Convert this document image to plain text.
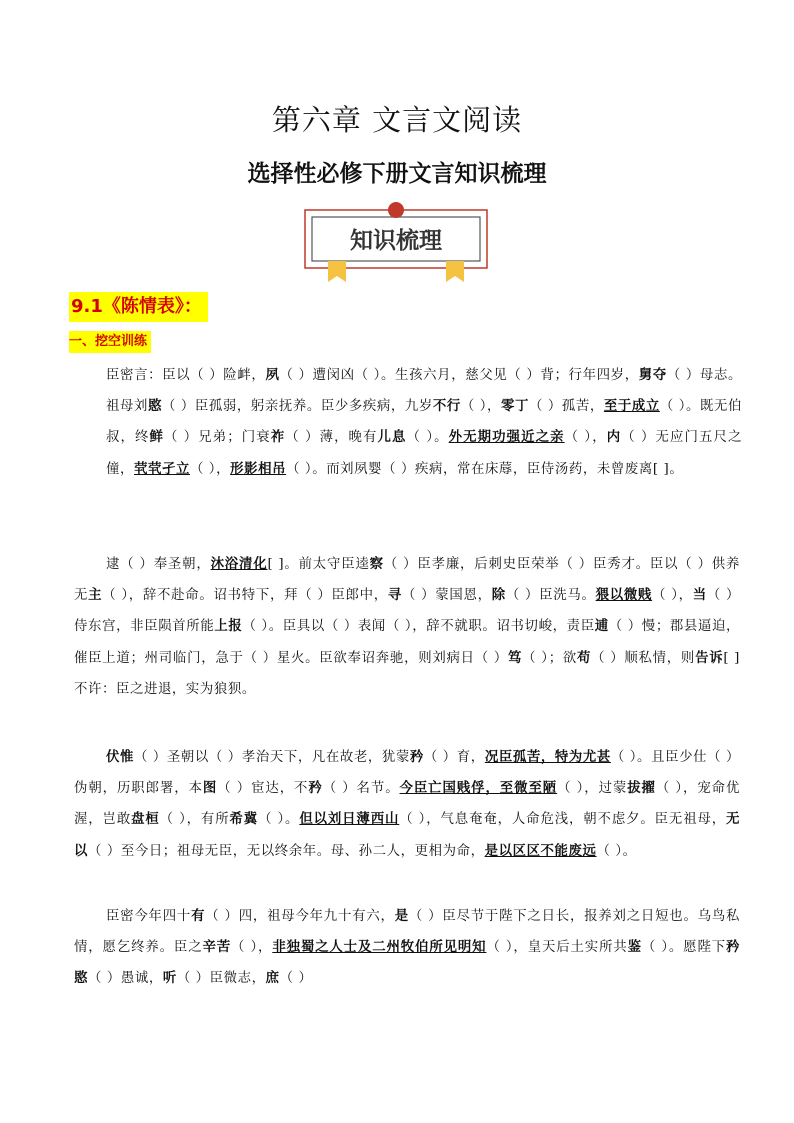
第六章 文言文阅读
选择性必修下册文言知识梳理
知识梳理
9.1《陈情表》：
一、挖空训练
臣密言：臣以（ ）险衅，夙（ ）遭闵凶（ ）。生孩六月，慈父见（ ）背；行年四岁，舅夺（ ）母志。祖母刘愍（ ）臣孤弱，躬亲抚养。臣少多疾病，九岁不行（ ），零丁（ ）孤苦，至于成立（ ）。既无伯叔，终鲜（ ）兄弟；门衰祚（ ）薄，晚有儿息（ ）。外无期功强近之亲（ ），内（ ）无应门五尺之僮，茕茕孑立（ ），形影相吊（ ）。而刘夙婴（ ）疾病，常在床蓐，臣侍汤药，未曾废离[ ]。
逮（ ）奉圣朝，沐浴清化[ ]。前太守臣逵察（ ）臣孝廉，后刺史臣荣举（ ）臣秀才。臣以（ ）供养无主（ ），辞不赴命。诏书特下，拜（ ）臣郎中，寻（ ）蒙国恩，除（ ）臣洗马。猥以微贱（ ），当（ ）侍东宫，非臣陨首所能上报（ ）。臣具以（ ）表闻（ ），辞不就职。诏书切峻，责臣逋（ ）慢；郡县逼迫，催臣上道；州司临门，急于（ ）星火。臣欲奉诏奔驰，则刘病日（ ）笃（ ）；欲苟（ ）顺私情，则告诉[ ]不许：臣之进退，实为狼狈。
伏惟（ ）圣朝以（ ）孝治天下，凡在故老，犹蒙矜（ ）育，况臣孤苦，特为尤甚（ ）。且臣少仕（ ）伪朝，历职郎署，本图（ ）宦达，不矜（ ）名节。今臣亡国贱俘，至微至陋（ ），过蒙拔擢（ ），宠命优渥，岂敢盘桓（ ），有所希冀（ ）。但以刘日薄西山（ ），气息奄奄，人命危浅，朝不虑夕。臣无祖母，无以（ ）至今日；祖母无臣，无以终余年。母、孙二人，更相为命，是以区区不能废远（ ）。
臣密今年四十有（ ）四，祖母今年九十有六，是（ ）臣尽节于陛下之日长，报养刘之日短也。乌鸟私情，愿乞终养。臣之辛苦（ ），非独蜀之人士及二州牧伯所见明知（ ），皇天后土实所共鉴（ ）。愿陛下矜愍（ ）愚诚，听（ ）臣微志，庶（ ）
